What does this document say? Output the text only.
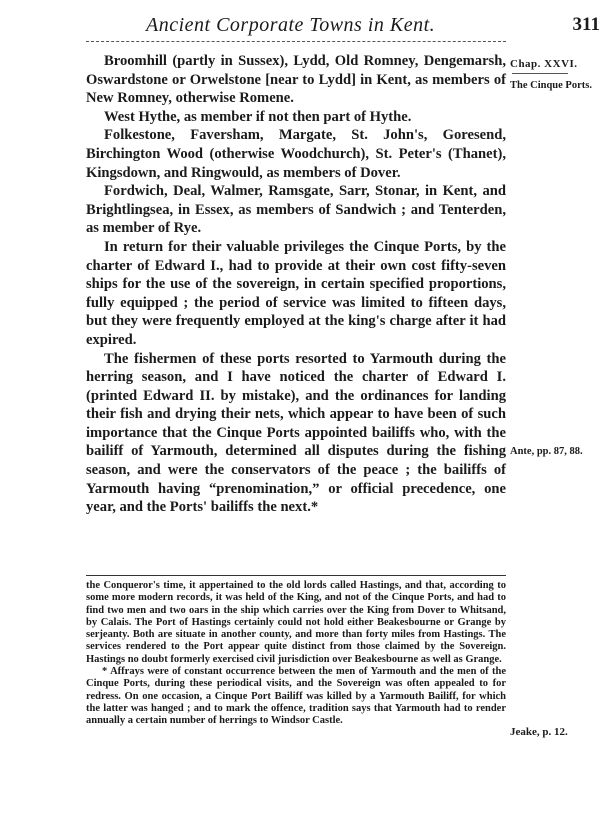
Ancient Corporate Towns in Kent.	311
Chap. XXVI.
The Cinque Ports.
Ante, pp. 87, 88.
Jeake, p. 12.

Broomhill (partly in Sussex), Lydd, Old Romney, Dengemarsh, Oswardstone or Orwelstone [near to Lydd] in Kent, as members of New Romney, otherwise Romene.

West Hythe, as member if not then part of Hythe.

Folkestone, Faversham, Margate, St. John's, Goresend, Birchington Wood (otherwise Woodchurch), St. Peter's (Thanet), Kingsdown, and Ringwould, as members of Dover.

Fordwich, Deal, Walmer, Ramsgate, Sarr, Stonar, in Kent, and Brightlingsea, in Essex, as members of Sandwich ; and Tenterden, as member of Rye.

In return for their valuable privileges the Cinque Ports, by the charter of Edward I., had to provide at their own cost fifty-seven ships for the use of the sovereign, in certain specified proportions, fully equipped ; the period of service was limited to fifteen days, but they were frequently employed at the king's charge after it had expired.

The fishermen of these ports resorted to Yarmouth during the herring season, and I have noticed the charter of Edward I. (printed Edward II. by mistake), and the ordinances for landing their fish and drying their nets, which appear to have been of such importance that the Cinque Ports appointed bailiffs who, with the bailiff of Yarmouth, determined all disputes during the fishing season, and were the conservators of the peace ; the bailiffs of Yarmouth having “prenomination,” or official precedence, one year, and the Ports' bailiffs the next.*

the Conqueror's time, it appertained to the old lords called Hastings, and that, according to some more modern records, it was held of the King, and not of the Cinque Ports, and had to find two men and two oars in the ship which carries over the King from Dover to Whitsand, by Calais. The Port of Hastings certainly could not hold either Beakesbourne or Grange by serjeanty. Both are situate in another county, and more than forty miles from Hastings. The services rendered to the Port appear quite distinct from those claimed by the Sovereign. Hastings no doubt formerly exercised civil jurisdiction over Beakesbourne as well as Grange.

* Affrays were of constant occurrence between the men of Yarmouth and the men of the Cinque Ports, during these periodical visits, and the Sovereign was often appealed to for redress. On one occasion, a Cinque Port Bailiff was killed by a Yarmouth Bailiff, for which the latter was hanged ; and to mark the offence, tradition says that Yarmouth had to render annually a certain number of herrings to Windsor Castle.
